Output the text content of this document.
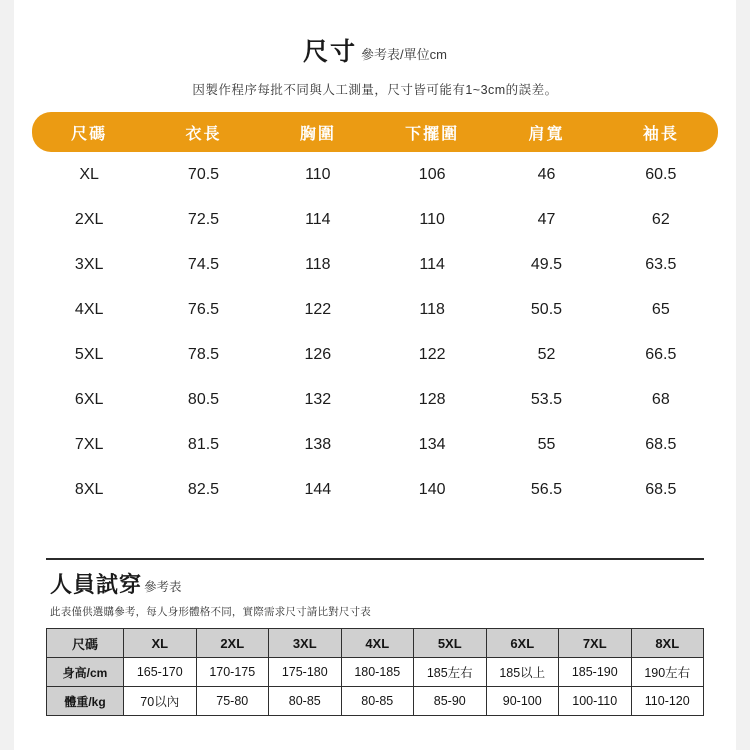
尺寸 參考表/單位cm
因製作程序每批不同與人工測量，尺寸皆可能有1~3cm的誤差。
尺碼	衣長	胸圍	下擺圍	肩寬	袖長
XL	70.5	110	106	46	60.5
2XL	72.5	114	110	47	62
3XL	74.5	118	114	49.5	63.5
4XL	76.5	122	118	50.5	65
5XL	78.5	126	122	52	66.5
6XL	80.5	132	128	53.5	68
7XL	81.5	138	134	55	68.5
8XL	82.5	144	140	56.5	68.5
人員試穿 參考表
此表僅供選購參考，每人身形體格不同，實際需求尺寸請比對尺寸表
尺碼	XL	2XL	3XL	4XL	5XL	6XL	7XL	8XL
身高/cm	165-170	170-175	175-180	180-185	185左右	185以上	185-190	190左右
體重/kg	70以內	75-80	80-85	80-85	85-90	90-100	100-110	110-120
